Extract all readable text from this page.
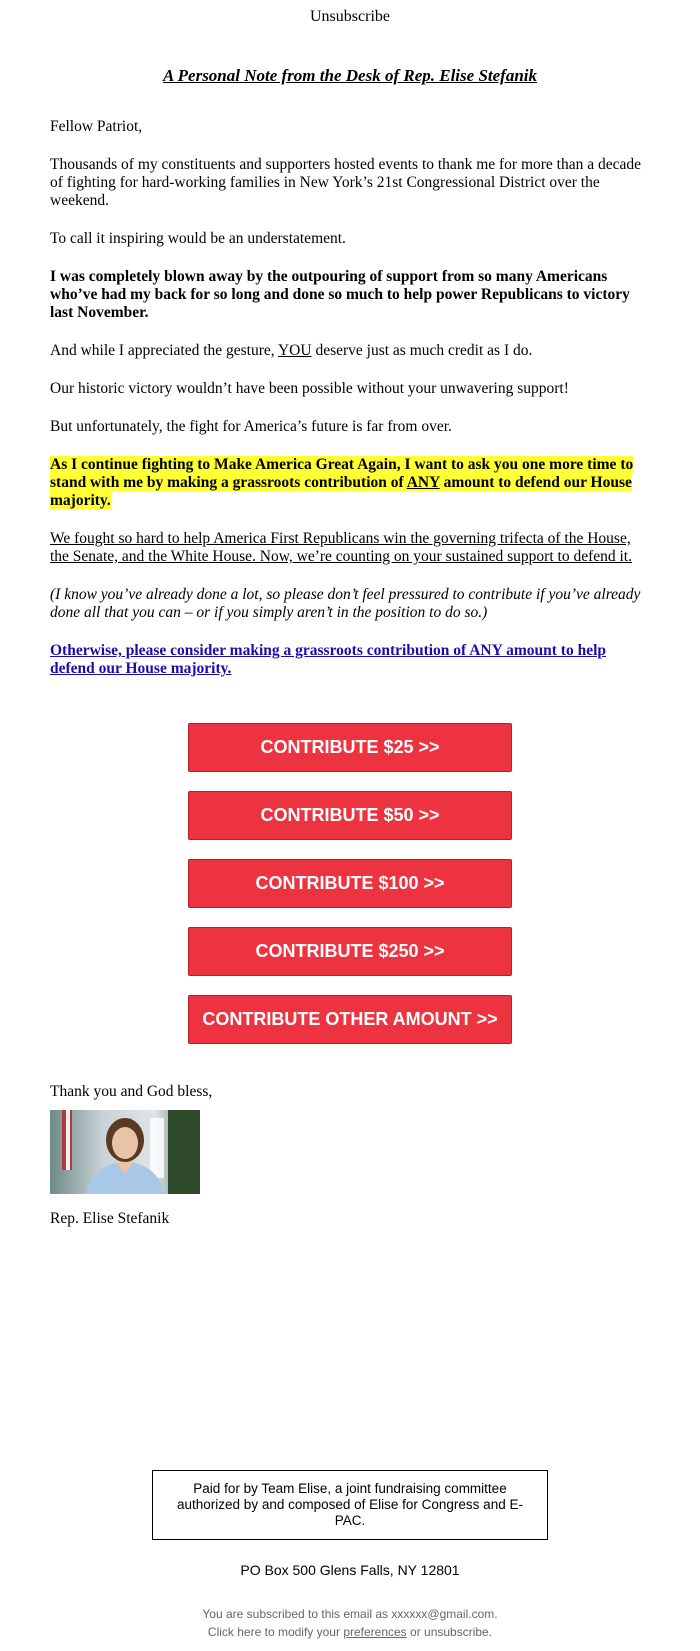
Unsubscribe
A Personal Note from the Desk of Rep. Elise Stefanik

Fellow Patriot,

Thousands of my constituents and supporters hosted events to thank me for more than a decade of fighting for hard-working families in New York’s 21st Congressional District over the weekend.

To call it inspiring would be an understatement.

I was completely blown away by the outpouring of support from so many Americans who’ve had my back for so long and done so much to help power Republicans to victory last November.

And while I appreciated the gesture, YOU deserve just as much credit as I do.

Our historic victory wouldn’t have been possible without your unwavering support!

But unfortunately, the fight for America’s future is far from over.

As I continue fighting to Make America Great Again, I want to ask you one more time to stand with me by making a grassroots contribution of ANY amount to defend our House majority.

We fought so hard to help America First Republicans win the governing trifecta of the House, the Senate, and the White House. Now, we’re counting on your sustained support to defend it.

(I know you’ve already done a lot, so please don’t feel pressured to contribute if you’ve already done all that you can – or if you simply aren’t in the position to do so.)

Otherwise, please consider making a grassroots contribution of ANY amount to help defend our House majority.

CONTRIBUTE $25 >>
CONTRIBUTE $50 >>
CONTRIBUTE $100 >>
CONTRIBUTE $250 >>
CONTRIBUTE OTHER AMOUNT >>
Thank you and God bless,
Rep. Elise Stefanik
Paid for by Team Elise, a joint fundraising committee authorized by and composed of Elise for Congress and E-PAC.
PO Box 500 Glens Falls, NY 12801
You are subscribed to this email as xxxxxx@gmail.com.
Click here to modify your preferences or unsubscribe.
